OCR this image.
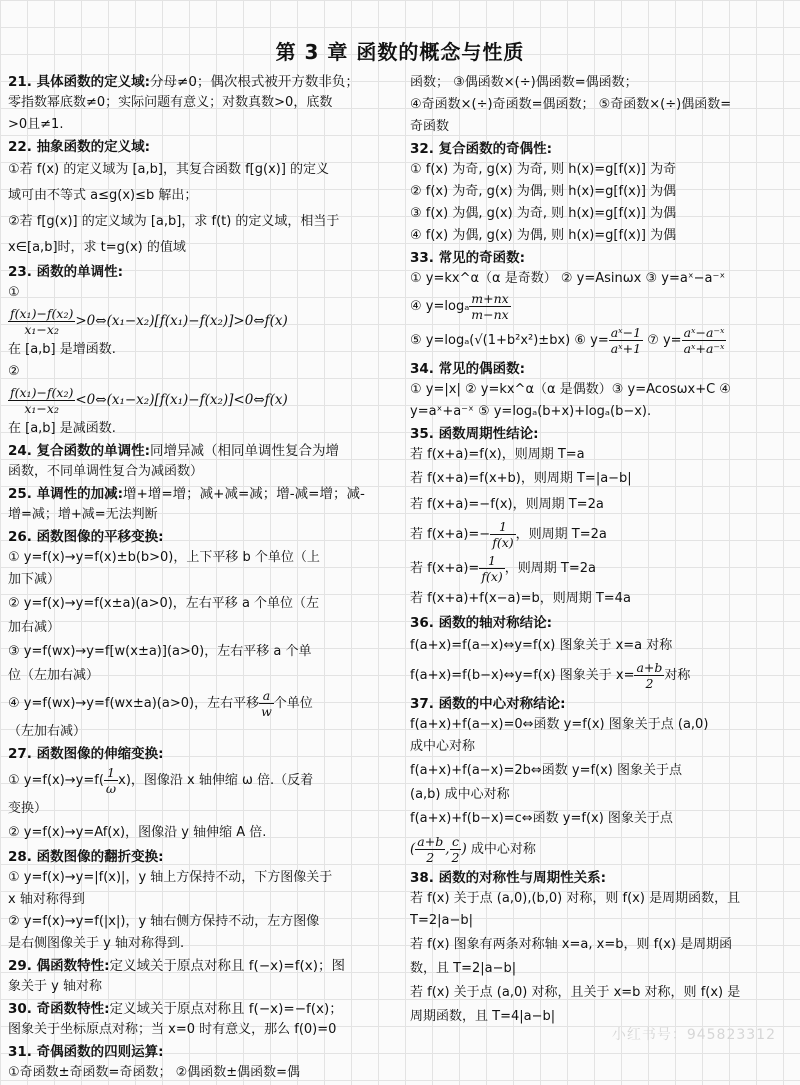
第 3 章 函数的概念与性质
21. 具体函数的定义域:分母≠0；偶次根式被开方数非负；
零指数幂底数≠0；实际问题有意义；对数真数>0，底数
>0且≠1.
22. 抽象函数的定义域:
①若 f(x) 的定义域为 [a,b]，其复合函数 f[g(x)] 的定义
域可由不等式 a≤g(x)≤b 解出；
②若 f[g(x)] 的定义域为 [a,b]，求 f(t) 的定义域，相当于
x∈[a,b]时，求 t=g(x) 的值域
23. 函数的单调性:
①
$\frac{\text{f(x₁)−f(x₂)}}{\text{x₁−x₂}}$ >0⇔(x₁−x₂)[f(x₁)−f(x₂)]>0⇔f(x)
在 [a,b] 是增函数.
②
$\frac{\text{f(x₁)−f(x₂)}}{\text{x₁−x₂}}$ <0⇔(x₁−x₂)[f(x₁)−f(x₂)]<0⇔f(x)
在 [a,b] 是减函数.
24. 复合函数的单调性:同增异减（相同单调性复合为增
函数，不同单调性复合为减函数）
25. 单调性的加减:增+增=增；减+减=减；增-减=增；减-
增=减；增+减=无法判断
26. 函数图像的平移变换:
① y=f(x)→y=f(x)±b(b>0)，上下平移 b 个单位（上
加下减）
② y=f(x)→y=f(x±a)(a>0)，左右平移 a 个单位（左
加右减）
③ y=f(wx)→y=f[w(x±a)](a>0)，左右平移 a 个单
位（左加右减）
④ y=f(wx)→y=f(wx±a)(a>0)，左右平移 $\frac{a}{w}$ 个单位
（左加右减）
27. 函数图像的伸缩变换:
① $y=f(x)\to y=f( \frac{1}{\omega} x)$，图像沿 x 轴伸缩 ω 倍.（反着
变换）
② y=f(x)→y=Af(x)，图像沿 y 轴伸缩 A 倍.
28. 函数图像的翻折变换:
① y=f(x)→y=|f(x)|，y 轴上方保持不动，下方图像关于
x 轴对称得到
② y=f(x)→y=f(|x|)，y 轴右侧方保持不动，左方图像
是右侧图像关于 y 轴对称得到.
29. 偶函数特性:定义域关于原点对称且 f(−x)=f(x)；图
象关于 y 轴对称
30. 奇函数特性:定义域关于原点对称且 f(−x)=−f(x)；
图象关于坐标原点对称；当 x=0 时有意义，那么 f(0)=0
31. 奇偶函数的四则运算:
①奇函数±奇函数=奇函数； ②偶函数±偶函数=偶
函数； ③偶函数×(÷)偶函数=偶函数；
④奇函数×(÷)奇函数=偶函数； ⑤奇函数×(÷)偶函数=
奇函数
32. 复合函数的奇偶性:
① f(x) 为奇, g(x) 为奇, 则 h(x)=g[f(x)] 为奇
② f(x) 为奇, g(x) 为偶, 则 h(x)=g[f(x)] 为偶
③ f(x) 为偶, g(x) 为奇, 则 h(x)=g[f(x)] 为偶
④ f(x) 为偶, g(x) 为偶, 则 h(x)=g[f(x)] 为偶
33. 常见的奇函数:
① y=kx^α（α 是奇数） ② y=Asinωx ③ y=aˣ−a⁻ˣ
④ $y=\log_a \frac{m+nx}{m-nx}$
⑤ y=logₐ(√(1+b²x²)±bx) ⑥ $y= \frac{\text{aˣ−1}}{\text{aˣ+1}}$ ⑦ $y= \frac{\text{aˣ−a⁻ˣ}}{\text{aˣ+a⁻ˣ}}$
34. 常见的偶函数:
① y=|x| ② y=kx^α（α 是偶数）③ y=Acosωx+C ④
y=aˣ+a⁻ˣ ⑤ y=logₐ(b+x)+logₐ(b−x).
35. 函数周期性结论:
若 f(x+a)=f(x)，则周期 T=a
若 f(x+a)=f(x+b)，则周期 T=|a−b|
若 f(x+a)=−f(x)，则周期 T=2a
若 $f(x+a)=- \frac{1}{f(x)}$ ，则周期 T=2a
若 $f(x+a)= \frac{1}{f(x)}$ ，则周期 T=2a
若 f(x+a)+f(x−a)=b，则周期 T=4a
36. 函数的轴对称结论:
f(a+x)=f(a−x)⇔y=f(x) 图象关于 x=a 对称
f(a+x)=f(b−x)⇔y=f(x) 图象关于 $x= \frac{a+b}{2}$ 对称
37. 函数的中心对称结论:
f(a+x)+f(a−x)=0⇔函数 y=f(x) 图象关于点 (a,0)
成中心对称
f(a+x)+f(a−x)=2b⇔函数 y=f(x) 图象关于点
(a,b) 成中心对称
f(a+x)+f(b−x)=c⇔函数 y=f(x) 图象关于点
( $\frac{a+b}{2}$ , $\frac{c}{2}$ ) 成中心对称
38. 函数的对称性与周期性关系:
若 f(x) 关于点 (a,0),(b,0) 对称，则 f(x) 是周期函数，且
T=2|a−b|
若 f(x) 图象有两条对称轴 x=a, x=b，则 f(x) 是周期函
数，且 T=2|a−b|
若 f(x) 关于点 (a,0) 对称，且关于 x=b 对称，则 f(x) 是
周期函数，且 T=4|a−b|
小红书号：945823312
